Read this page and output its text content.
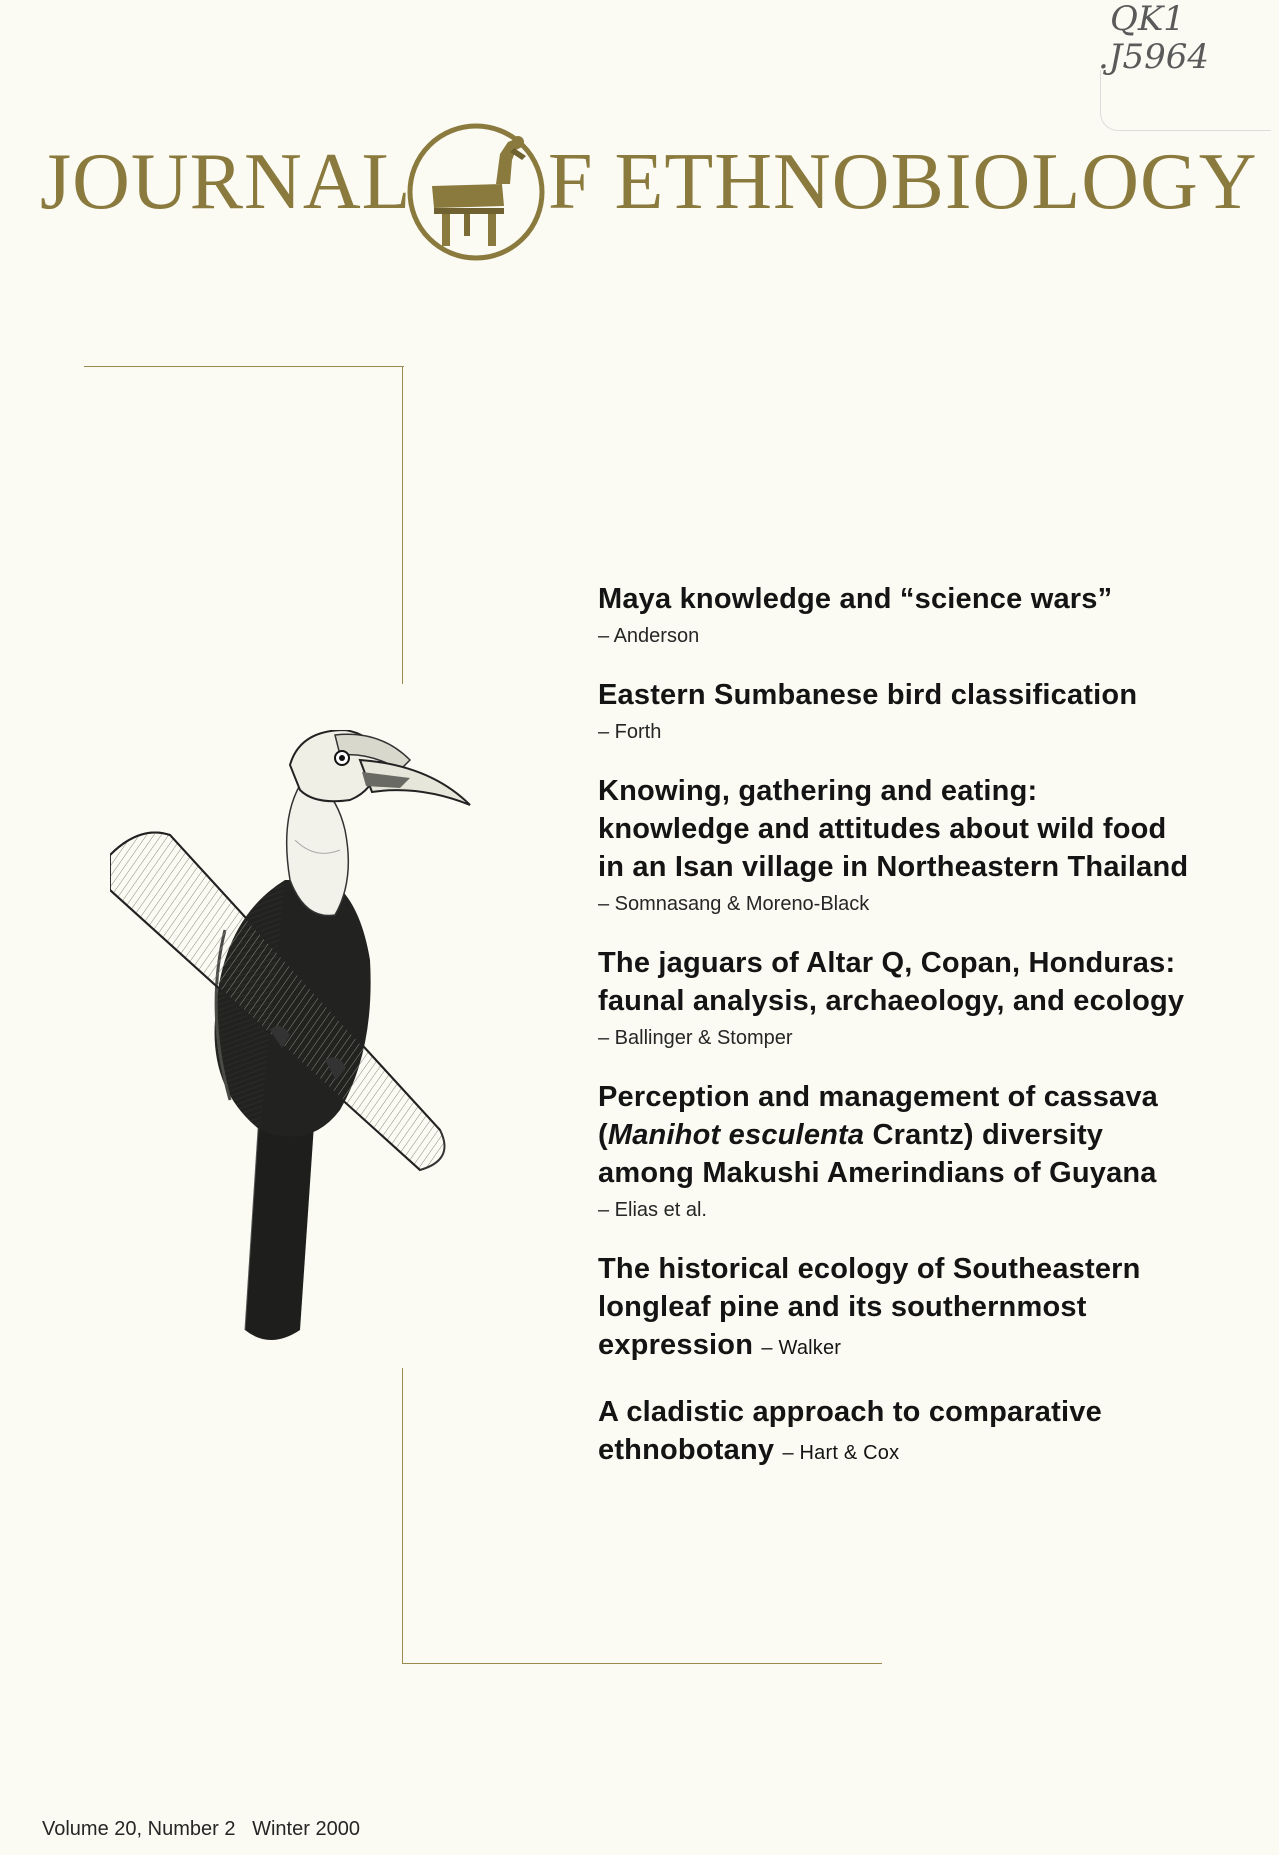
QK1
.J5964
JOURNAL F ETHNOBIOLOGY
Maya knowledge and “science wars”
– Anderson
Eastern Sumbanese bird classification
– Forth
Knowing, gathering and eating:
knowledge and attitudes about wild food
in an Isan village in Northeastern Thailand
– Somnasang & Moreno-Black
The jaguars of Altar Q, Copan, Honduras:
faunal analysis, archaeology, and ecology
– Ballinger & Stomper
Perception and management of cassava
(Manihot esculenta Crantz) diversity
among Makushi Amerindians of Guyana
– Elias et al.
The historical ecology of Southeastern
longleaf pine and its southernmost
expression – Walker
A cladistic approach to comparative
ethnobotany – Hart & Cox
Volume 20, Number 2 Winter 2000
